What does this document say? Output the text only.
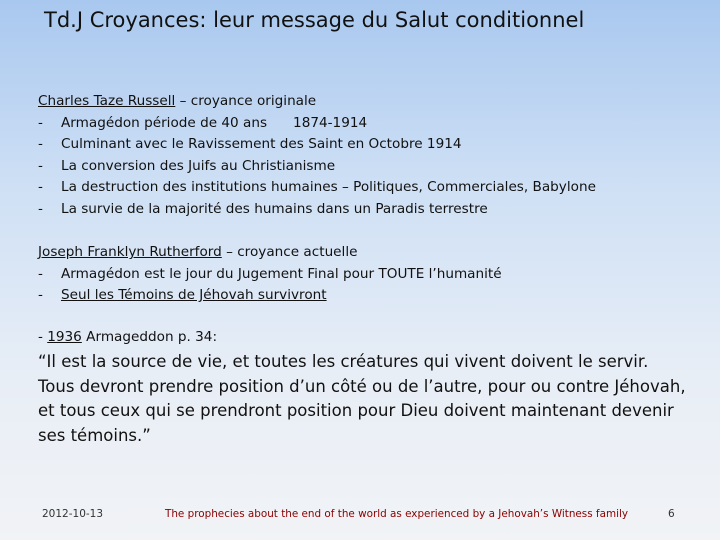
Td.J Croyances: leur message du Salut conditionnel
Charles Taze Russell – croyance originale
-	Armagédon période de 40 ans 1874-1914
-	Culminant avec le Ravissement des Saint en Octobre 1914
-	La conversion des Juifs au Christianisme
-	La destruction des institutions humaines – Politiques, Commerciales, Babylone
-	La survie de la majorité des humains dans un Paradis terrestre
Joseph Franklyn Rutherford – croyance actuelle
-	Armagédon est le jour du Jugement Final pour TOUTE l’humanité
-	Seul les Témoins de Jéhovah survivront
- 1936 Armageddon p. 34:
“Il est la source de vie, et toutes les créatures qui vivent doivent le servir. Tous devront prendre position d’un côté ou de l’autre, pour ou contre Jéhovah, et tous ceux qui se prendront position pour Dieu doivent maintenant devenir ses témoins.”
2012-10-13	The prophecies about the end of the world as experienced by a Jehovah’s Witness family	6
